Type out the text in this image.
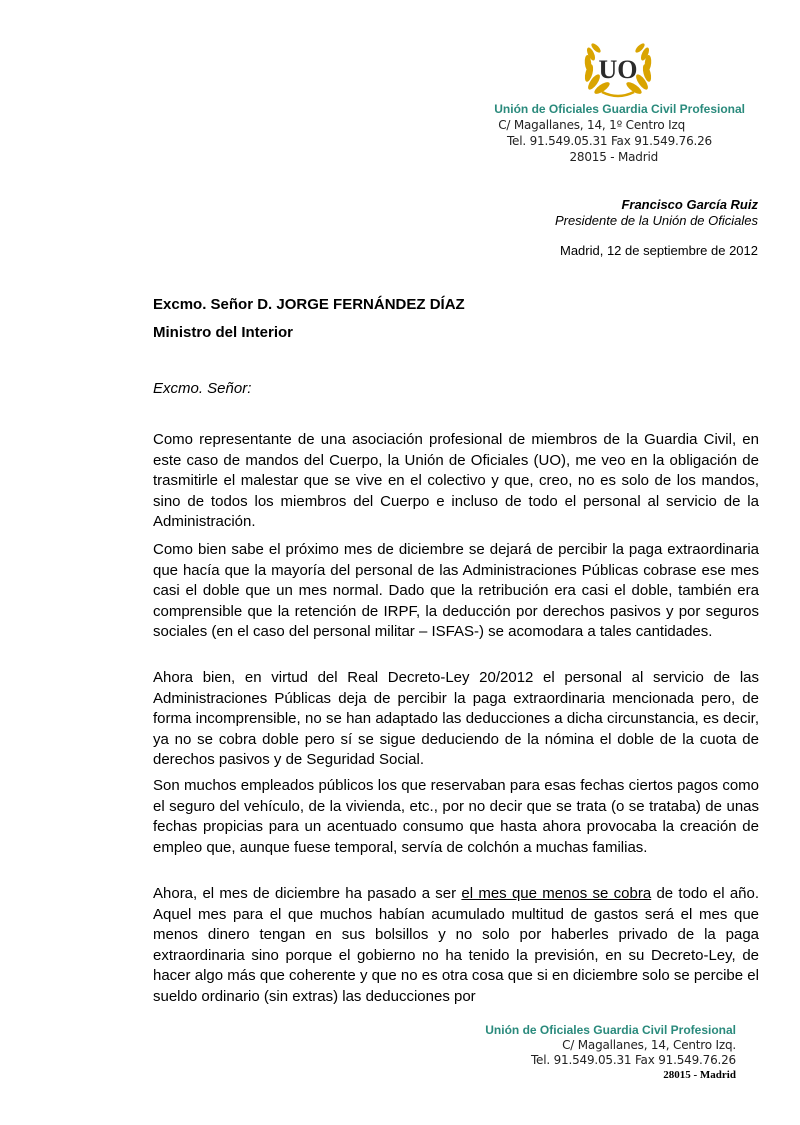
UO
Unión de Oficiales Guardia Civil Profesional
C/ Magallanes, 14, 1º Centro Izq
Tel. 91.549.05.31 Fax 91.549.76.26
28015 - Madrid
Francisco García Ruiz
Presidente de la Unión de Oficiales
Madrid, 12 de septiembre de 2012
Excmo. Señor D. JORGE FERNÁNDEZ DÍAZ
Ministro del Interior
Excmo. Señor:

Como representante de una asociación profesional de miembros de la Guardia Civil, en este caso de mandos del Cuerpo, la Unión de Oficiales (UO), me veo en la obligación de trasmitirle el malestar que se vive en el colectivo y que, creo, no es solo de los mandos, sino de todos los miembros del Cuerpo e incluso de todo el personal al servicio de la Administración.

Como bien sabe el próximo mes de diciembre se dejará de percibir la paga extraordinaria que hacía que la mayoría del personal de las Administraciones Públicas cobrase ese mes casi el doble que un mes normal. Dado que la retribución era casi el doble, también era comprensible que la retención de IRPF, la deducción por derechos pasivos y por seguros sociales (en el caso del personal militar – ISFAS-) se acomodara a tales cantidades.

Ahora bien, en virtud del Real Decreto-Ley 20/2012 el personal al servicio de las Administraciones Públicas deja de percibir la paga extraordinaria mencionada pero, de forma incomprensible, no se han adaptado las deducciones a dicha circunstancia, es decir, ya no se cobra doble pero sí se sigue deduciendo de la nómina el doble de la cuota de derechos pasivos y de Seguridad Social.

Son muchos empleados públicos los que reservaban para esas fechas ciertos pagos como el seguro del vehículo, de la vivienda, etc., por no decir que se trata (o se trataba) de unas fechas propicias para un acentuado consumo que hasta ahora provocaba la creación de empleo que, aunque fuese temporal, servía de colchón a muchas familias.

Ahora, el mes de diciembre ha pasado a ser el mes que menos se cobra de todo el año. Aquel mes para el que muchos habían acumulado multitud de gastos será el mes que menos dinero tengan en sus bolsillos y no solo por haberles privado de la paga extraordinaria sino porque el gobierno no ha tenido la previsión, en su Decreto-Ley, de hacer algo más que coherente y que no es otra cosa que si en diciembre solo se percibe el sueldo ordinario (sin extras) las deducciones por

Unión de Oficiales Guardia Civil Profesional
C/ Magallanes, 14, Centro Izq.
Tel. 91.549.05.31 Fax 91.549.76.26
28015 - Madrid
